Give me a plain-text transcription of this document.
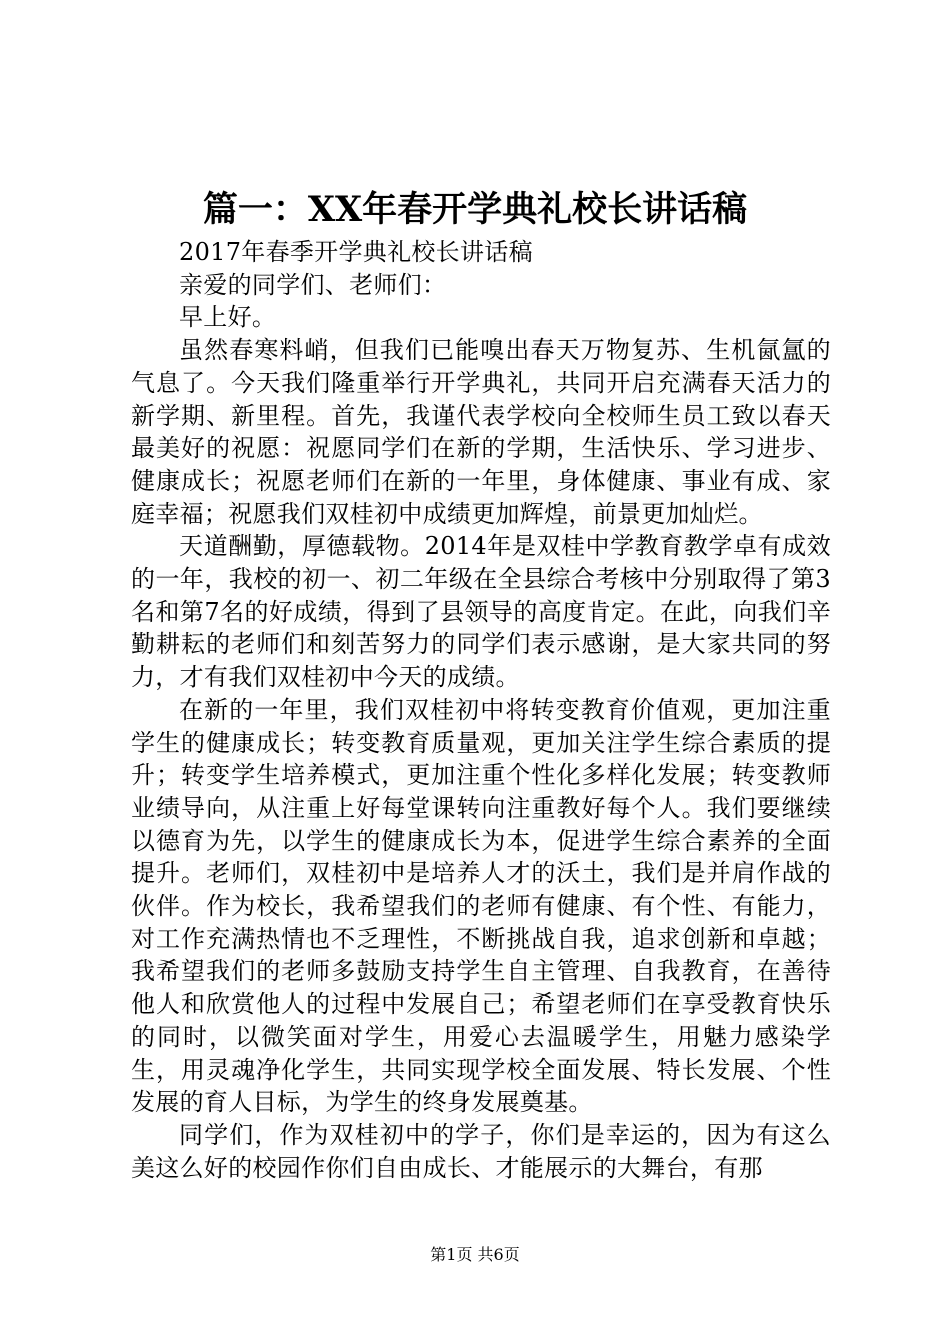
篇一：XX年春开学典礼校长讲话稿

2017年春季开学典礼校长讲话稿

亲爱的同学们、老师们：

早上好。

虽然春寒料峭，但我们已能嗅出春天万物复苏、生机氤氲的气息了。今天我们隆重举行开学典礼，共同开启充满春天活力的新学期、新里程。首先，我谨代表学校向全校师生员工致以春天最美好的祝愿：祝愿同学们在新的学期，生活快乐、学习进步、健康成长；祝愿老师们在新的一年里，身体健康、事业有成、家庭幸福；祝愿我们双桂初中成绩更加辉煌，前景更加灿烂。

天道酬勤，厚德载物。2014年是双桂中学教育教学卓有成效的一年，我校的初一、初二年级在全县综合考核中分别取得了第3名和第7名的好成绩，得到了县领导的高度肯定。在此，向我们辛勤耕耘的老师们和刻苦努力的同学们表示感谢，是大家共同的努力，才有我们双桂初中今天的成绩。

在新的一年里，我们双桂初中将转变教育价值观，更加注重学生的健康成长；转变教育质量观，更加关注学生综合素质的提升；转变学生培养模式，更加注重个性化多样化发展；转变教师业绩导向，从注重上好每堂课转向注重教好每个人。我们要继续以德育为先，以学生的健康成长为本，促进学生综合素养的全面提升。老师们，双桂初中是培养人才的沃土，我们是并肩作战的伙伴。作为校长，我希望我们的老师有健康、有个性、有能力，对工作充满热情也不乏理性，不断挑战自我，追求创新和卓越；我希望我们的老师多鼓励支持学生自主管理、自我教育，在善待他人和欣赏他人的过程中发展自己；希望老师们在享受教育快乐的同时，以微笑面对学生，用爱心去温暖学生，用魅力感染学生，用灵魂净化学生，共同实现学校全面发展、特长发展、个性发展的育人目标，为学生的终身发展奠基。

同学们，作为双桂初中的学子，你们是幸运的，因为有这么美这么好的校园作你们自由成长、才能展示的大舞台，有那

第1页 共6页
